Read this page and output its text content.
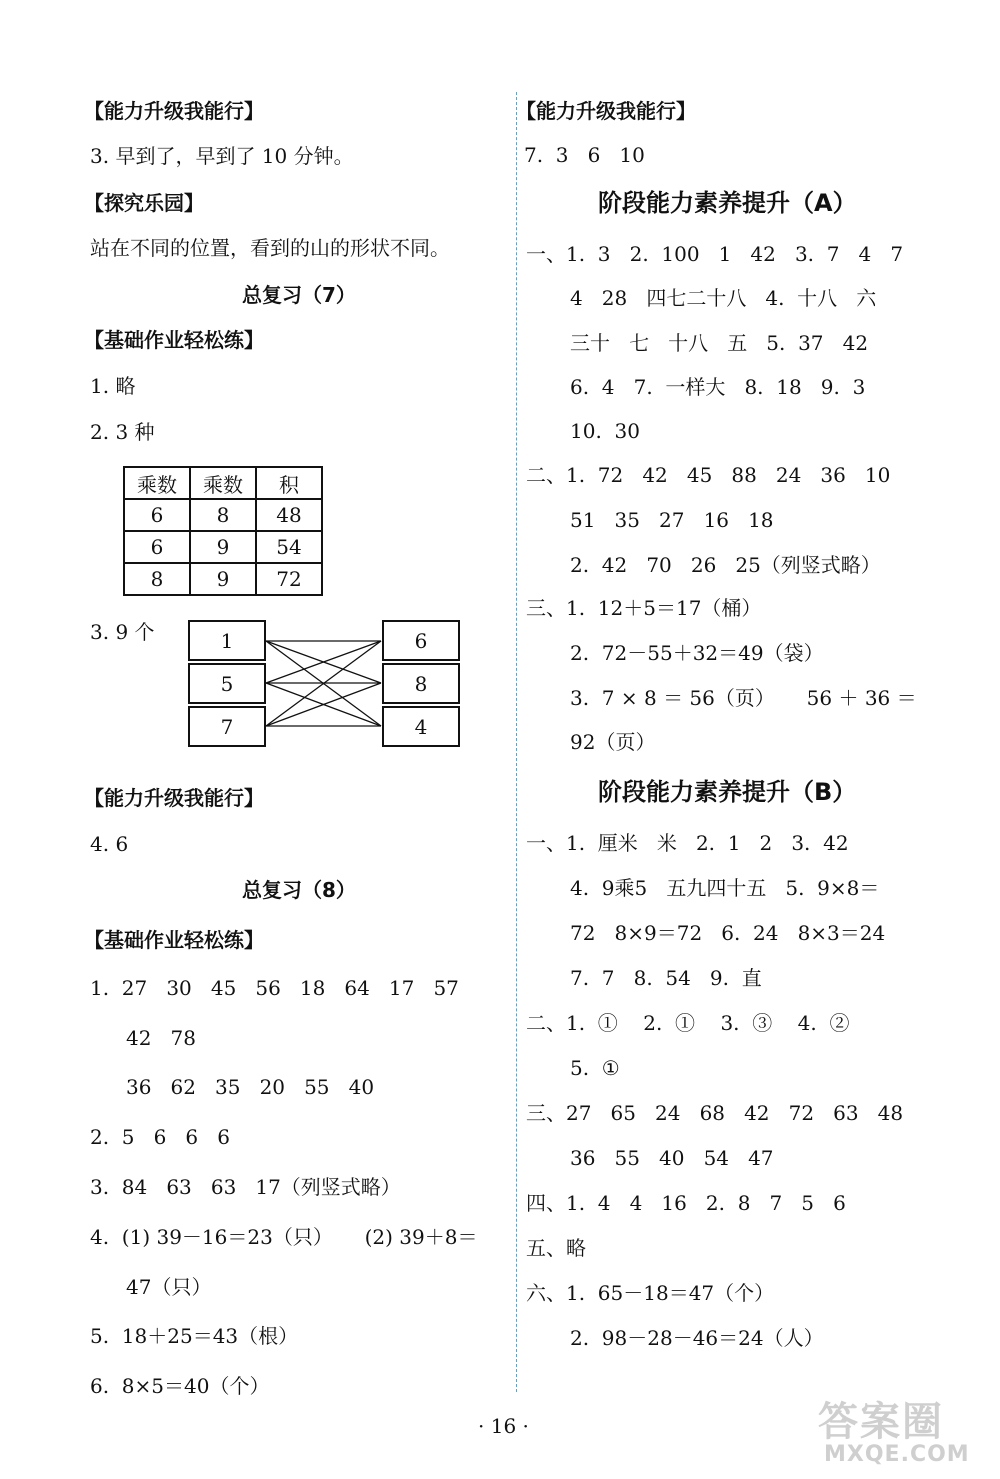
【能力升级我能行】
3. 早到了，早到了 10 分钟。
【探究乐园】
站在不同的位置，看到的山的形状不同。
总复习（7）
【基础作业轻松练】
1. 略
2. 3 种
乘数	乘数	积
6	8	48
6	9	54
8	9	72
3. 9 个	1
5
7
6
8
4
【能力升级我能行】
4. 6
总复习（8）
【基础作业轻松练】
1.  27   30   45   56   18   64   17   57
42   78
36   62   35   20   55   40
2.  5   6   6   6
3.  84   63   63   17（列竖式略）
4.  (1) 39－16＝23（只）     (2) 39＋8＝
47（只）
5.  18＋25＝43（根）
6.  8×5＝40（个）
【能力升级我能行】
7.  3   6   10
阶段能力素养提升（A）
一、1.  3   2.  100   1   42   3.  7   4   7
4   28   四七二十八   4.  十八   六
三十   七   十八   五   5.  37   42
6.  4   7.  一样大   8.  18   9.  3
10.  30
二、1.  72   42   45   88   24   36   10
51   35   27   16   18
2.  42   70   26   25（列竖式略）
三、1.  12＋5＝17（桶）
2.  72－55＋32＝49（袋）
3.  7 × 8 ＝ 56（页）     56 ＋ 36 ＝
92（页）
阶段能力素养提升（B）
一、1.  厘米   米   2.  1   2   3.  42
4.  9乘5   五九四十五   5.  9×8＝
72   8×9＝72   6.  24   8×3＝24
7.  7   8.  54   9.  直
二、1.  ①    2.  ①    3.  ③    4.  ②
5.  ①
三、27   65   24   68   42   72   63   48
36   55   40   54   47
四、1.  4   4   16   2.  8   7   5   6
五、略
六、1.  65－18＝47（个）
2.  98－28－46＝24（人）
· 16 ·	答案圈
MXQE.COM
